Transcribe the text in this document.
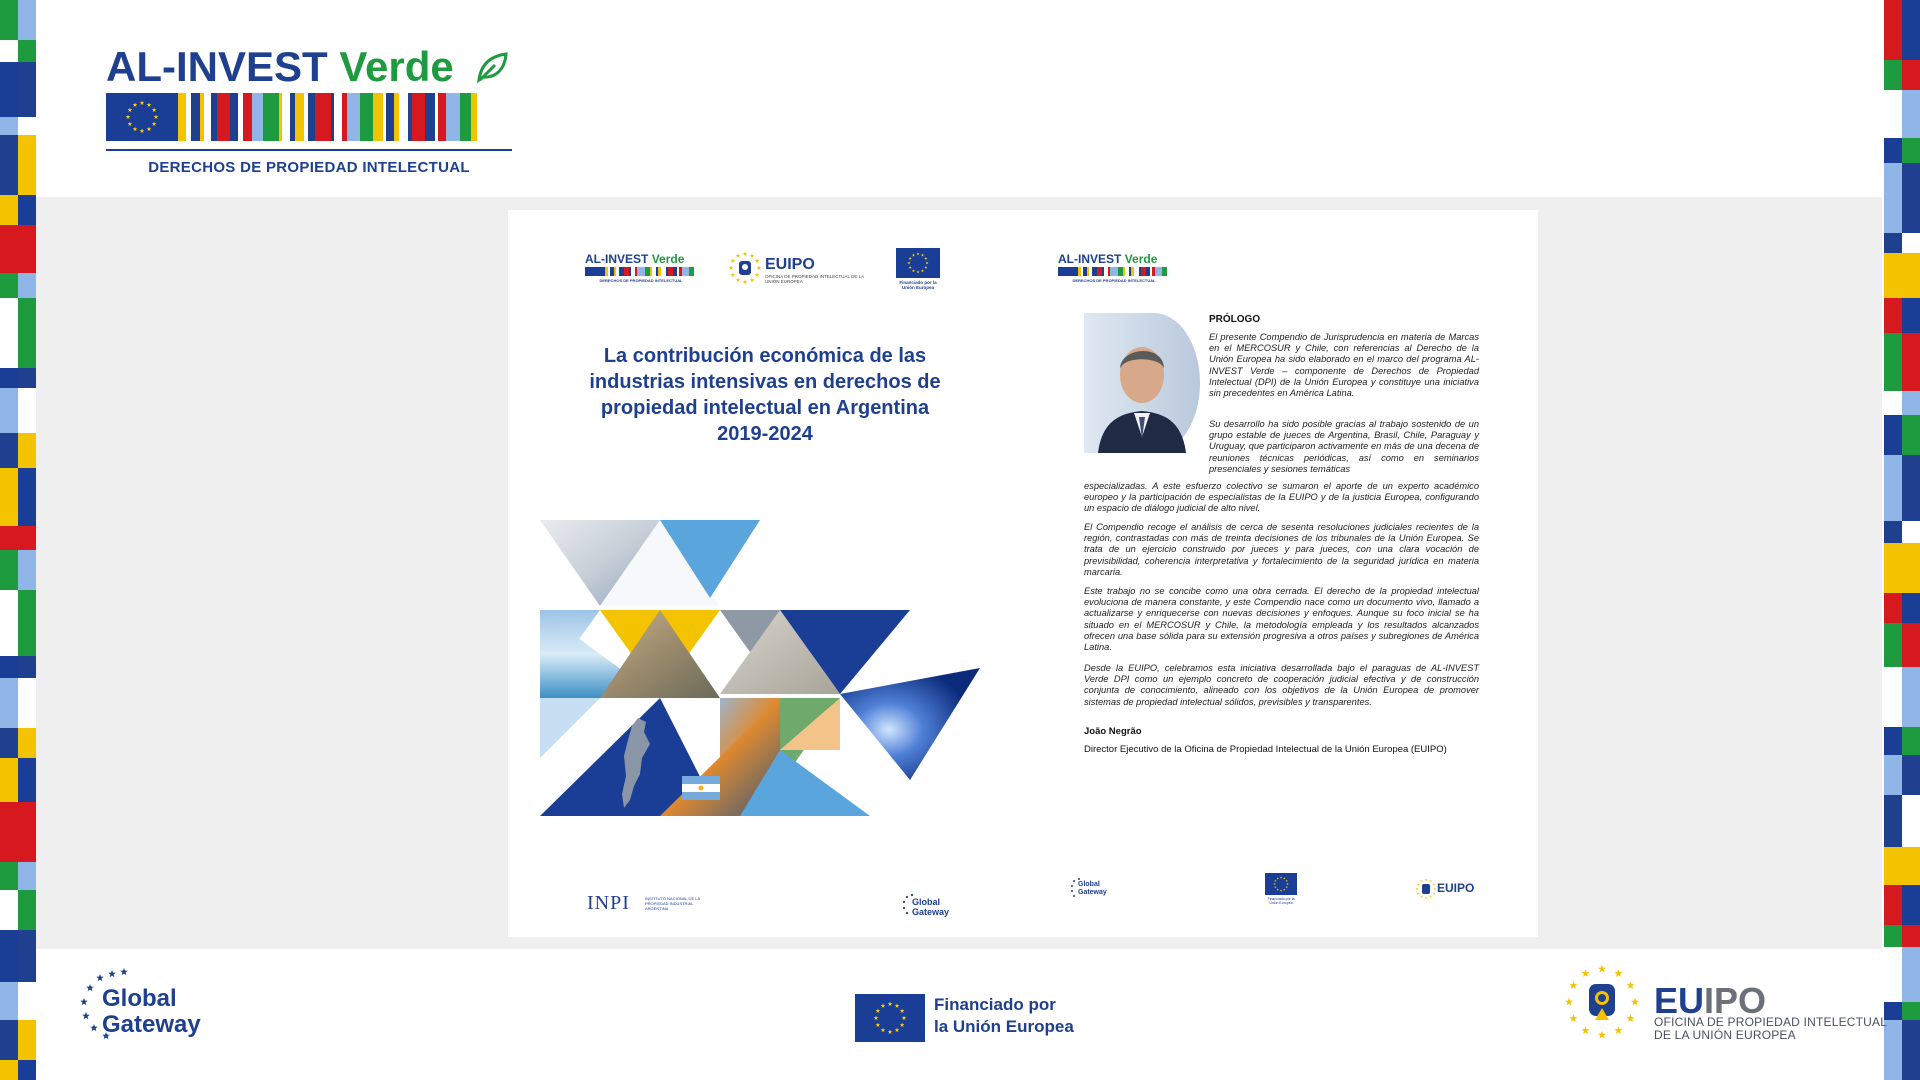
AL-INVEST Verde
DERECHOS DE PROPIEDAD INTELECTUAL
AL-INVEST Verde
DERECHOS DE PROPIEDAD INTELECTUAL
EUIPO
OFICINA DE PROPIEDAD INTELECTUAL DE LA UNIÓN EUROPEA	Financiado por la Unión Europea
La contribución económica de las
industrias intensivas en derechos de
propiedad intelectual en Argentina
2019-2024
INPI	INSTITUTO NACIONAL DE LA PROPIEDAD INDUSTRIAL ARGENTINA
Global
Gateway
AL-INVEST Verde
DERECHOS DE PROPIEDAD INTELECTUAL
PRÓLOGO
El presente Compendio de Jurisprudencia en materia de Marcas en el MERCOSUR y Chile, con referencias al Derecho de la Unión Europea ha sido elaborado en el marco del programa AL-INVEST Verde – componente de Derechos de Propiedad Intelectual (DPI) de la Unión Europea y constituye una iniciativa sin precedentes en América Latina.
Su desarrollo ha sido posible gracias al trabajo sostenido de un grupo estable de jueces de Argentina, Brasil, Chile, Paraguay y Uruguay, que participaron activamente en más de una decena de reuniones técnicas periódicas, así como en seminarios presenciales y sesiones temáticas
especializadas. A este esfuerzo colectivo se sumaron el aporte de un experto académico europeo y la participación de especialistas de la EUIPO y de la justicia Europea, configurando un espacio de diálogo judicial de alto nivel.
El Compendio recoge el análisis de cerca de sesenta resoluciones judiciales recientes de la región, contrastadas con más de treinta decisiones de los tribunales de la Unión Europea. Se trata de un ejercicio construido por jueces y para jueces, con una clara vocación de previsibilidad, coherencia interpretativa y fortalecimiento de la seguridad jurídica en materia marcaria.
Este trabajo no se concibe como una obra cerrada. El derecho de la propiedad intelectual evoluciona de manera constante, y este Compendio nace como un documento vivo, llamado a actualizarse y enriquecerse con nuevas decisiones y enfoques. Aunque su foco inicial se ha situado en el MERCOSUR y Chile, la metodología empleada y los resultados alcanzados ofrecen una base sólida para su extensión progresiva a otros países y subregiones de América Latina.
Desde la EUIPO, celebramos esta iniciativa desarrollada bajo el paraguas de AL-INVEST Verde DPI como un ejemplo concreto de cooperación judicial efectiva y de construcción conjunta de conocimiento, alineado con los objetivos de la Unión Europea de promover sistemas de propiedad intelectual sólidos, previsibles y transparentes.
João Negrão
Director Ejecutivo de la Oficina de Propiedad Intelectual de la Unión Europea (EUIPO)
Global
Gateway
Financiado por la Unión Europea
EUIPO
Global
Gateway
Financiado por
la Unión Europea
EUIPO
OFICINA DE PROPIEDAD INTELECTUAL
DE LA UNIÓN EUROPEA
